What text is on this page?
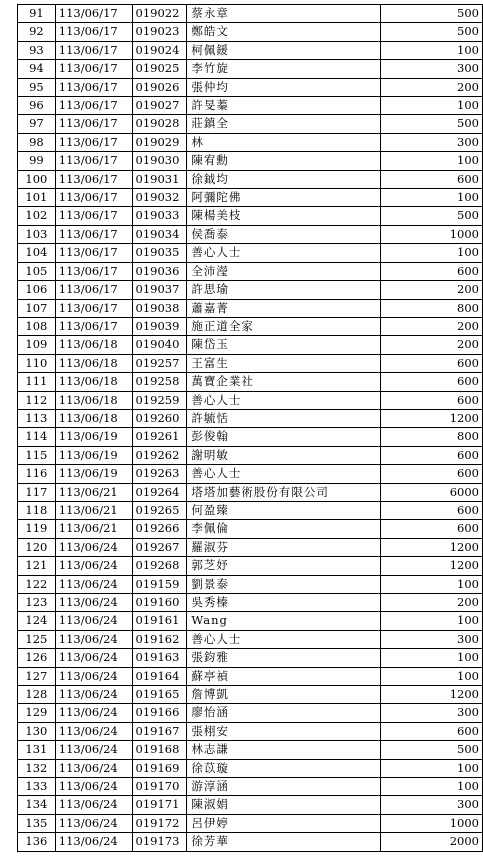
91	113/06/17	019022	蔡永章	500
92	113/06/17	019023	鄭皓文	500
93	113/06/17	019024	柯佩鍰	100
94	113/06/17	019025	李竹旋	300
95	113/06/17	019026	張仲均	200
96	113/06/17	019027	許旻蓁	100
97	113/06/17	019028	莊鎮全	500
98	113/06/17	019029	林	300
99	113/06/17	019030	陳宥勳	100
100	113/06/17	019031	徐鉞均	600
101	113/06/17	019032	阿彌陀佛	100
102	113/06/17	019033	陳楊美枝	500
103	113/06/17	019034	侯喬泰	1000
104	113/06/17	019035	善心人士	100
105	113/06/17	019036	全沛瀅	600
106	113/06/17	019037	許思瑜	200
107	113/06/17	019038	蕭嘉菁	800
108	113/06/17	019039	施正道全家	200
109	113/06/18	019040	陳岱玉	200
110	113/06/18	019257	王富生	600
111	113/06/18	019258	萬寶企業社	600
112	113/06/18	019259	善心人士	600
113	113/06/18	019260	許毓恬	1200
114	113/06/19	019261	彭俊翰	800
115	113/06/19	019262	謝明敏	600
116	113/06/19	019263	善心人士	600
117	113/06/21	019264	塔塔加藝術股份有限公司	6000
118	113/06/21	019265	何盈臻	600
119	113/06/21	019266	李佩倫	600
120	113/06/24	019267	羅淑芬	1200
121	113/06/24	019268	郭芝妤	1200
122	113/06/24	019159	劉景泰	100
123	113/06/24	019160	吳秀榛	200
124	113/06/24	019161	Wang	100
125	113/06/24	019162	善心人士	300
126	113/06/24	019163	張鈞雅	100
127	113/06/24	019164	蘇亭禎	100
128	113/06/24	019165	詹博凱	1200
129	113/06/24	019166	廖怡涵	300
130	113/06/24	019167	張栩安	600
131	113/06/24	019168	林志謙	500
132	113/06/24	019169	徐苡璇	100
133	113/06/24	019170	游淳涵	100
134	113/06/24	019171	陳淑娟	300
135	113/06/24	019172	呂伊婷	1000
136	113/06/24	019173	徐芳華	2000
